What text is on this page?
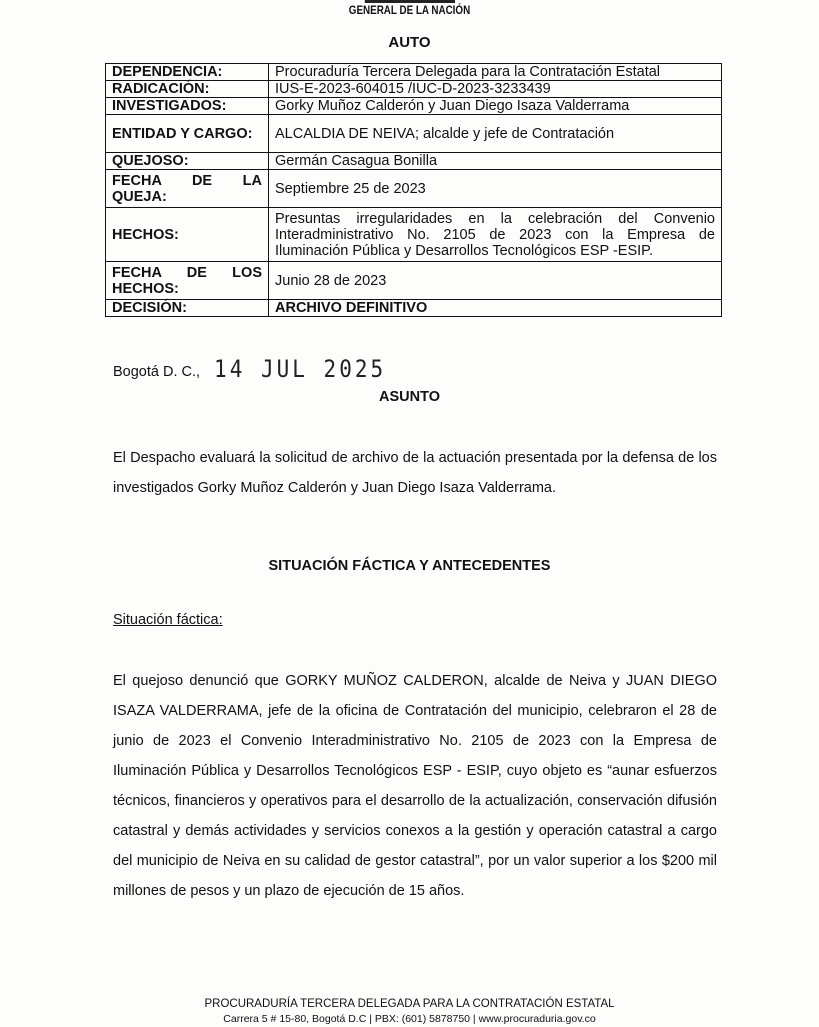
GENERAL DE LA NACIÓN
AUTO
DEPENDENCIA:	Procuraduría Tercera Delegada para la Contratación Estatal
RADICACIÓN:	IUS-E-2023-604015 /IUC-D-2023-3233439
INVESTIGADOS:	Gorky Muñoz Calderón y Juan Diego Isaza Valderrama
ENTIDAD Y CARGO:	ALCALDIA DE NEIVA; alcalde y jefe de Contratación
QUEJOSO:	Germán Casagua Bonilla
FECHA DE LA QUEJA:	Septiembre 25 de 2023
HECHOS:	Presuntas irregularidades en la celebración del Convenio Interadministrativo No. 2105 de 2023 con la Empresa de Iluminación Pública y Desarrollos Tecnológicos ESP -ESIP.
FECHA DE LOS HECHOS:	Junio 28 de 2023
DECISIÓN:	ARCHIVO DEFINITIVO
Bogotá D. C., 14 JUL 2025
ASUNTO
El Despacho evaluará la solicitud de archivo de la actuación presentada por la defensa de los investigados Gorky Muñoz Calderón y Juan Diego Isaza Valderrama.
SITUACIÓN FÁCTICA Y ANTECEDENTES
Situación fáctica:
El quejoso denunció que GORKY MUÑOZ CALDERON, alcalde de Neiva y JUAN DIEGO ISAZA VALDERRAMA, jefe de la oficina de Contratación del municipio, celebraron el 28 de junio de 2023 el Convenio Interadministrativo No. 2105 de 2023 con la Empresa de Iluminación Pública y Desarrollos Tecnológicos ESP - ESIP, cuyo objeto es “aunar esfuerzos técnicos, financieros y operativos para el desarrollo de la actualización, conservación difusión catastral y demás actividades y servicios conexos a la gestión y operación catastral a cargo del municipio de Neiva en su calidad de gestor catastral”, por un valor superior a los $200 mil millones de pesos y un plazo de ejecución de 15 años.
PROCURADURÍA TERCERA DELEGADA PARA LA CONTRATACIÓN ESTATAL
Carrera 5 # 15-80, Bogotá D.C | PBX: (601) 5878750 | www.procuraduria.gov.co
